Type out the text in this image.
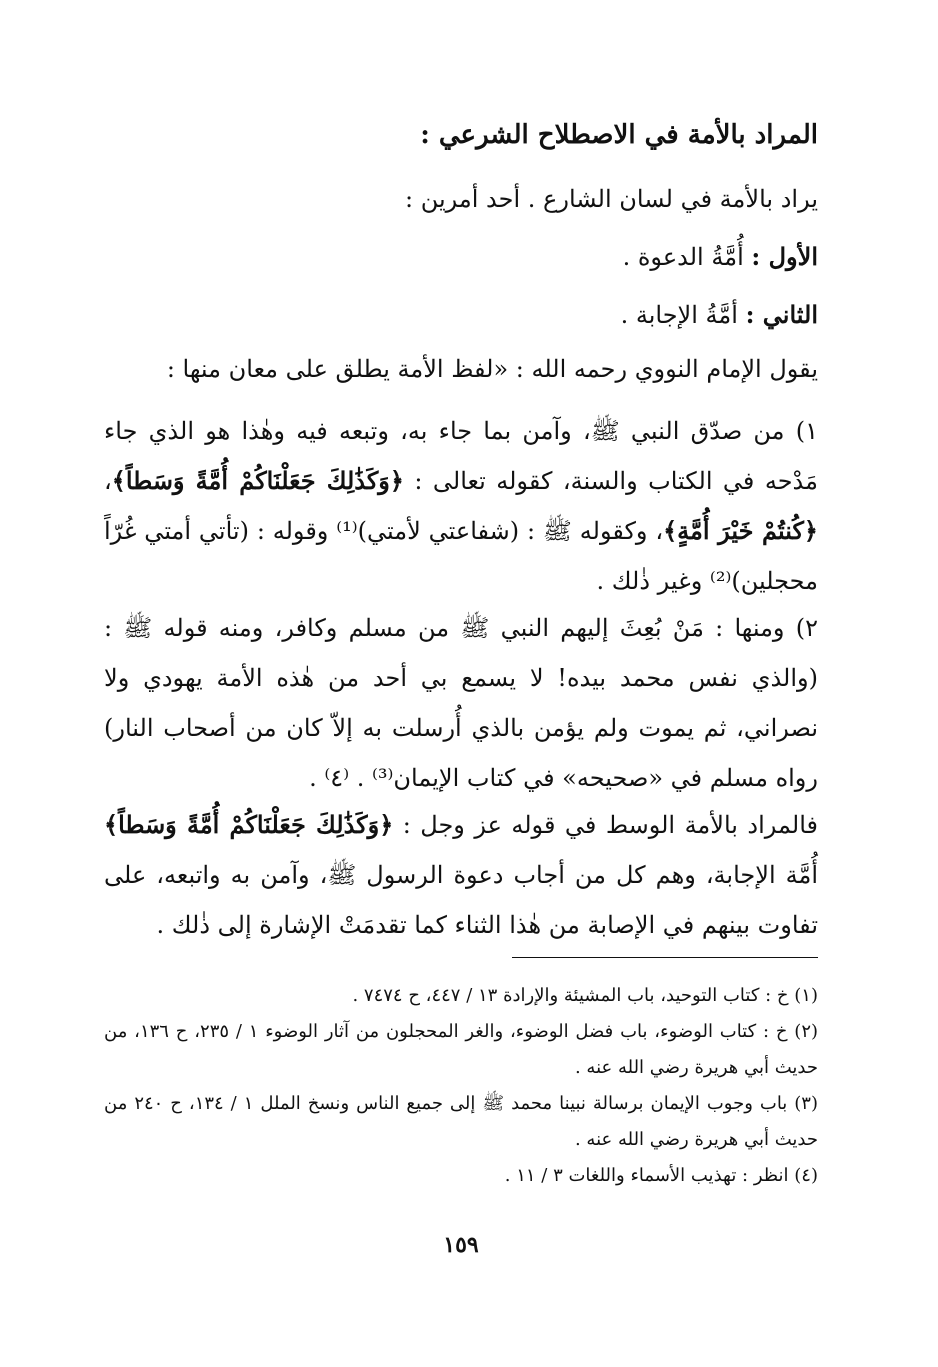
المراد بالأمة في الاصطلاح الشرعي :
يراد بالأمة في لسان الشارع . أحد أمرين :
الأول : أُمَّةُ الدعوة .
الثاني : أمَّةُ الإجابة .
يقول الإمام النووي رحمه الله : «لفظ الأمة يطلق على معان منها :
١) من صدّق النبي ﷺ، وآمن بما جاء به، وتبعه فيه وهٰذا هو الذي جاء مَدْحه في الكتاب والسنة، كقوله تعالى : ﴿وَكَذَٰلِكَ جَعَلْنَاكُمْ أُمَّةً وَسَطاً﴾، ﴿كُنتُمْ خَيْرَ أُمَّةٍ﴾، وكقوله ﷺ : (شفاعتي لأمتي)⁽¹⁾ وقوله : (تأتي أمتي غُرّاً محجلين)⁽²⁾ وغير ذٰلك .
٢) ومنها : مَنْ بُعِثَ إليهم النبي ﷺ من مسلم وكافر، ومنه قوله ﷺ : (والذي نفس محمد بيده! لا يسمع بي أحد من هٰذه الأمة يهودي ولا نصراني، ثم يموت ولم يؤمن بالذي أُرسلت به إلاّ كان من أصحاب النار) رواه مسلم في «صحيحه» في كتاب الإيمان⁽³⁾ . ⁽٤⁾ .
فالمراد بالأمة الوسط في قوله عز وجل : ﴿وَكَذَٰلِكَ جَعَلْنَاكُمْ أُمَّةً وَسَطاً﴾ أُمَّة الإجابة، وهم كل من أجاب دعوة الرسول ﷺ، وآمن به واتبعه، على تفاوت بينهم في الإصابة من هٰذا الثناء كما تقدمَتْ الإشارة إلى ذٰلك .
(١) خ : كتاب التوحيد، باب المشيئة والإرادة ١٣ / ٤٤٧، ح ٧٤٧٤ .
(٢) خ : كتاب الوضوء، باب فضل الوضوء، والغر المحجلون من آثار الوضوء ١ / ٢٣٥، ح ١٣٦، من حديث أبي هريرة رضي الله عنه .
(٣) باب وجوب الإيمان برسالة نبينا محمد ﷺ إلى جميع الناس ونسخ الملل ١ / ١٣٤، ح ٢٤٠ من حديث أبي هريرة رضي الله عنه .
(٤) انظر : تهذيب الأسماء واللغات ٣ / ١١ .
١٥٩
